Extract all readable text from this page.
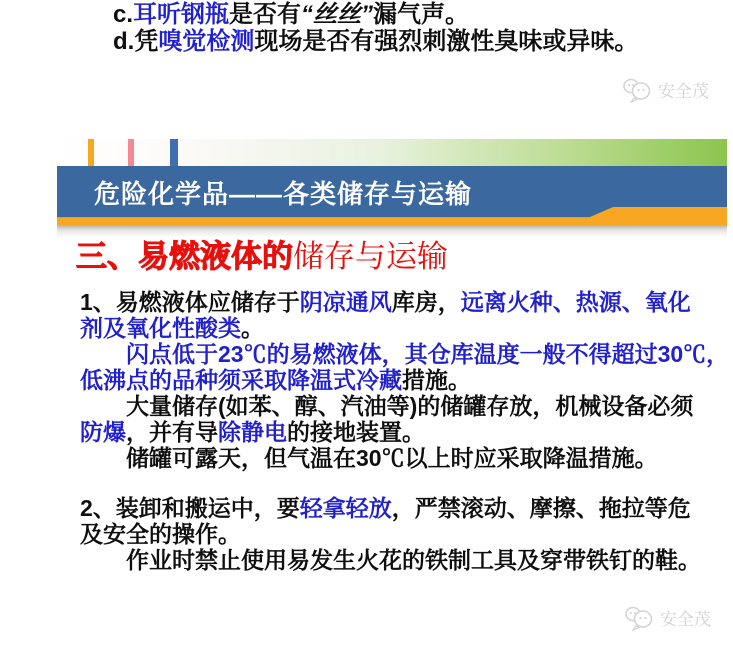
c.耳听钢瓶是否有“丝丝”漏气声。
d.凭嗅觉检测现场是否有强烈刺激性臭味或异味。
安全茂
危险化学品——各类储存与运输
三、易燃液体的储存与运输
1、易燃液体应储存于阴凉通风库房，远离火种、热源、氧化
剂及氧化性酸类。
闪点低于23℃的易燃液体，其仓库温度一般不得超过30℃，
低沸点的品种须采取降温式冷藏措施。
大量储存(如苯、醇、汽油等)的储罐存放，机械设备必须
防爆，并有导除静电的接地装置。
储罐可露天，但气温在30℃以上时应采取降温措施。
2、装卸和搬运中，要轻拿轻放，严禁滚动、摩擦、拖拉等危
及安全的操作。
作业时禁止使用易发生火花的铁制工具及穿带铁钉的鞋。
安全茂
